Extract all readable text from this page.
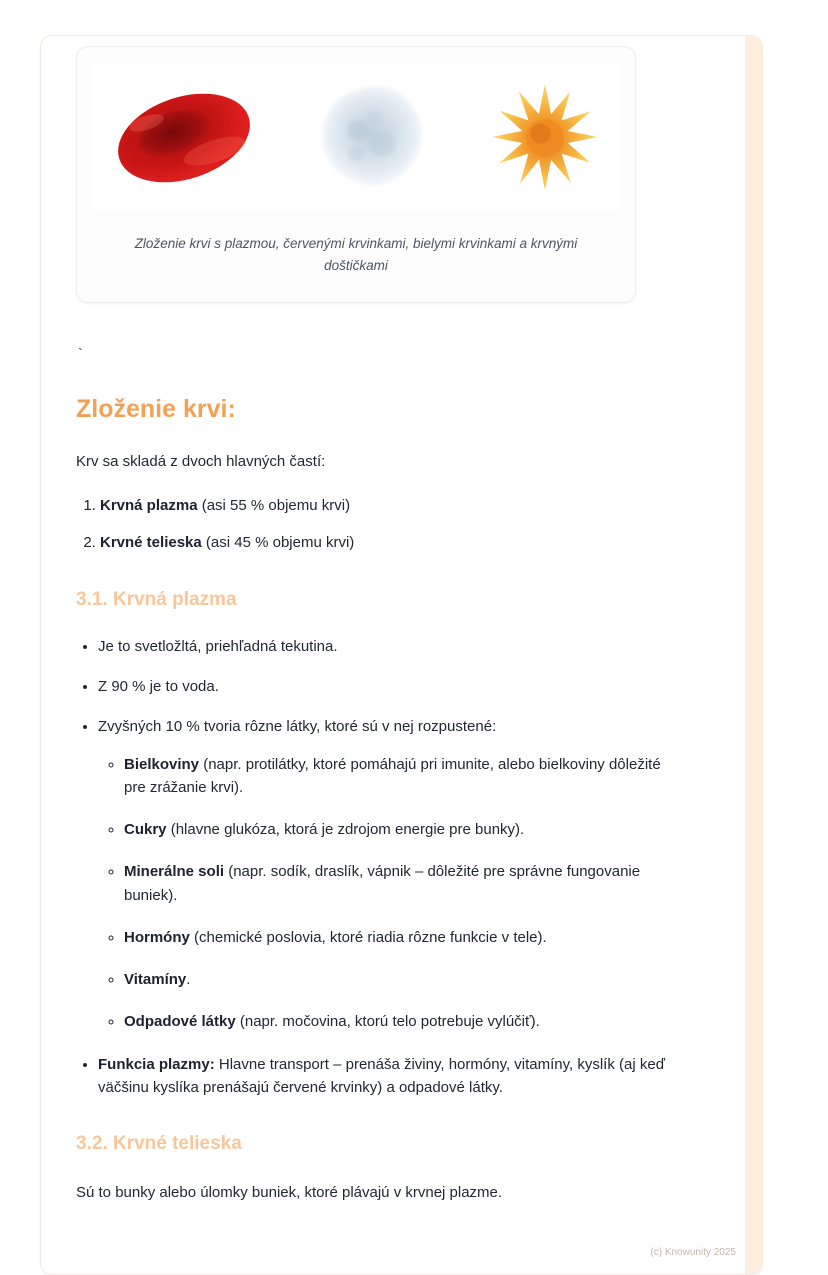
Zloženie krvi s plazmou, červenými krvinkami, bielymi krvinkami a krvnými doštičkami
`
Zloženie krvi:

Krv sa skladá z dvoch hlavných častí:

1. Krvná plazma (asi 55 % objemu krvi)
2. Krvné telieska (asi 45 % objemu krvi)
3.1. Krvná plazma
• Je to svetložltá, priehľadná tekutina.
• Z 90 % je to voda.
• Zvyšných 10 % tvoria rôzne látky, ktoré sú v nej rozpustené:
◦ Bielkoviny (napr. protilátky, ktoré pomáhajú pri imunite, alebo bielkoviny dôležité pre zrážanie krvi).
◦ Cukry (hlavne glukóza, ktorá je zdrojom energie pre bunky).
◦ Minerálne soli (napr. sodík, draslík, vápnik – dôležité pre správne fungovanie buniek).
◦ Hormóny (chemické poslovia, ktoré riadia rôzne funkcie v tele).
◦ Vitamíny.
◦ Odpadové látky (napr. močovina, ktorú telo potrebuje vylúčiť).
• Funkcia plazmy: Hlavne transport – prenáša živiny, hormóny, vitamíny, kyslík (aj keď väčšinu kyslíka prenášajú červené krvinky) a odpadové látky.
3.2. Krvné telieska

Sú to bunky alebo úlomky buniek, ktoré plávajú v krvnej plazme.

(c) Knowunity 2025
